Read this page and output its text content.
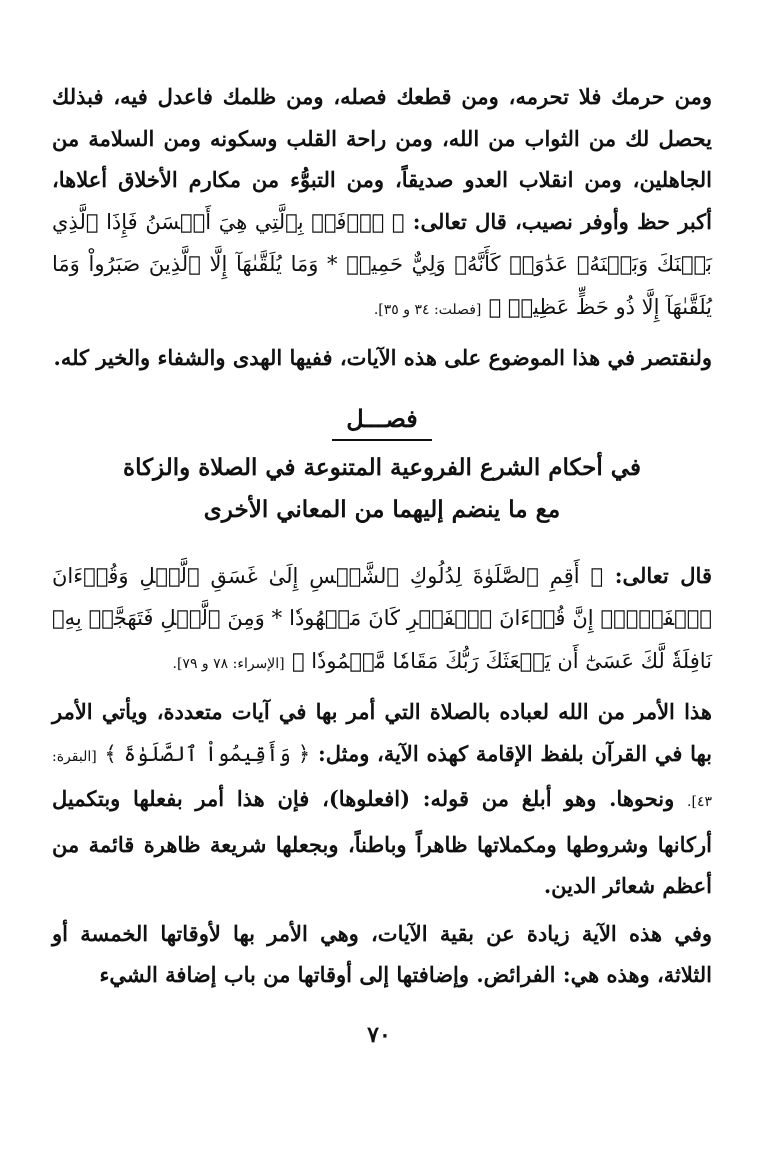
ومن حرمك فلا تحرمه، ومن قطعك فصله، ومن ظلمك فاعدل فيه، فبذلك يحصل لك من الثواب من الله، ومن راحة القلب وسكونه ومن السلامة من الجاهلين، ومن انقلاب العدو صديقاً، ومن التبوُّء من مكارم الأخلاق أعلاها، أكبر حظ وأوفر نصيب، قال تعالى: ﴿ ٱدۡفَعۡ بِٱلَّتِي هِيَ أَحۡسَنُ فَإِذَا ٱلَّذِي بَيۡنَكَ وَبَيۡنَهُۥ عَدَٰوَةٞ كَأَنَّهُۥ وَلِيٌّ حَمِيمٞ * وَمَا يُلَقَّىٰهَآ إِلَّا ٱلَّذِينَ صَبَرُواْ وَمَا يُلَقَّىٰهَآ إِلَّا ذُو حَظٍّ عَظِيمٖ ﴾ [فصلت: ٣٤ و ٣٥].

ولنقتصر في هذا الموضوع على هذه الآيات، ففيها الهدى والشفاء والخير كله.

فصـــل
في أحكام الشرع الفروعية المتنوعة في الصلاة والزكاة
مع ما ينضم إليهما من المعاني الأخرى

قال تعالى: ﴿ أَقِمِ ٱلصَّلَوٰةَ لِدُلُوكِ ٱلشَّمۡسِ إِلَىٰ غَسَقِ ٱلَّيۡلِ وَقُرۡءَانَ ٱلۡفَجۡرِۖ إِنَّ قُرۡءَانَ ٱلۡفَجۡرِ كَانَ مَشۡهُودٗا * وَمِنَ ٱلَّيۡلِ فَتَهَجَّدۡ بِهِۦ نَافِلَةٗ لَّكَ عَسَىٰٓ أَن يَبۡعَثَكَ رَبُّكَ مَقَامٗا مَّحۡمُودٗا ﴾ [الإسراء: ٧٨ و ٧٩].

هذا الأمر من الله لعباده بالصلاة التي أمر بها في آيات متعددة، ويأتي الأمر بها في القرآن بلفظ الإقامة كهذه الآية، ومثل: ﴿ وَأَقِيمُواْ ٱلصَّلَوٰةَ ﴾ [البقرة: ٤٣]. ونحوها. وهو أبلغ من قوله: (افعلوها)، فإن هذا أمر بفعلها وبتكميل أركانها وشروطها ومكملاتها ظاهراً وباطناً، وبجعلها شريعة ظاهرة قائمة من أعظم شعائر الدين.

وفي هذه الآية زيادة عن بقية الآيات، وهي الأمر بها لأوقاتها الخمسة أو الثلاثة، وهذه هي: الفرائض. وإضافتها إلى أوقاتها من باب إضافة الشيء

٧٠
